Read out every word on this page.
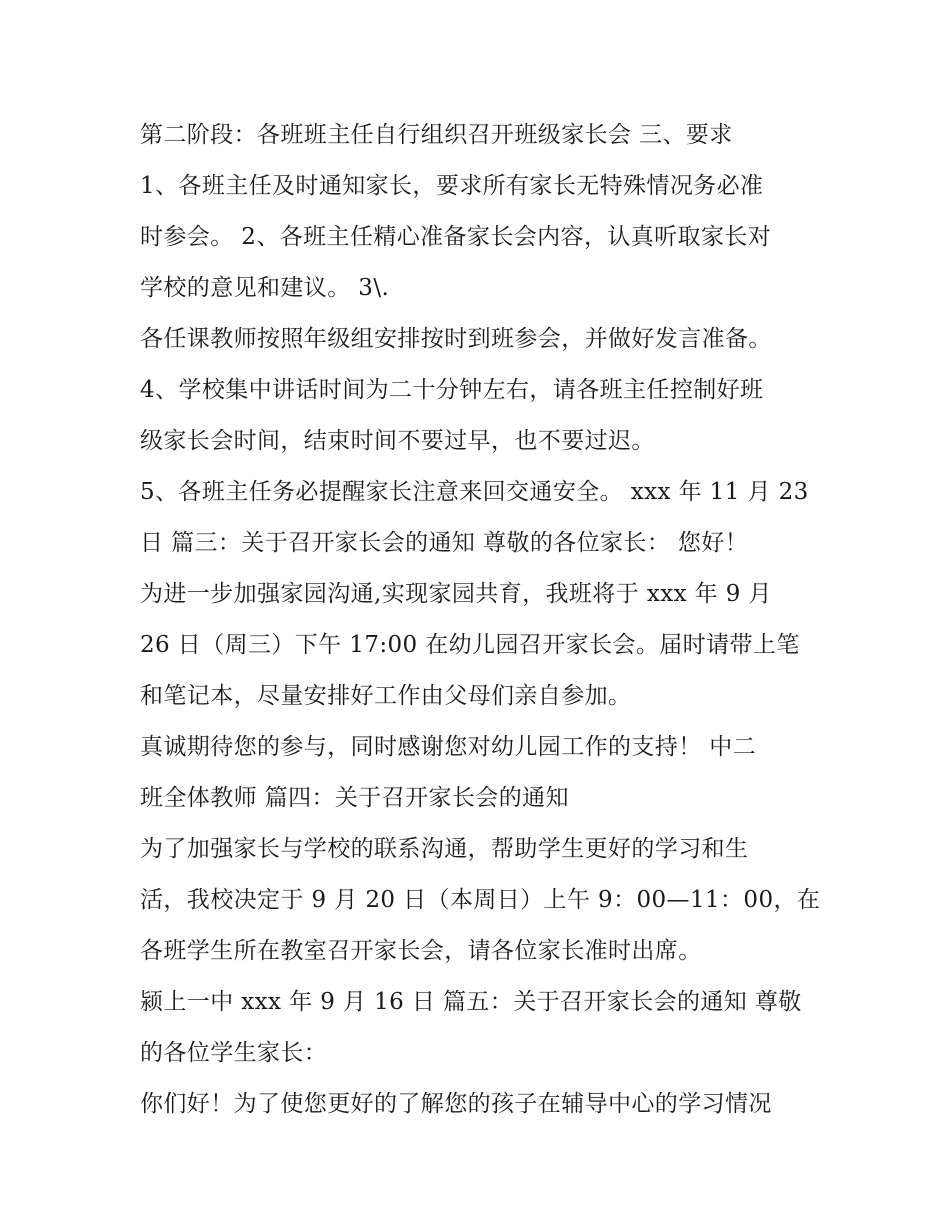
第二阶段：各班班主任自行组织召开班级家长会 三、要求
1、各班主任及时通知家长，要求所有家长无特殊情况务必准
时参会。 2、各班主任精心准备家长会内容，认真听取家长对
学校的意见和建议。 3\.
各任课教师按照年级组安排按时到班参会，并做好发言准备。
4、学校集中讲话时间为二十分钟左右，请各班主任控制好班
级家长会时间，结束时间不要过早，也不要过迟。
5、各班主任务必提醒家长注意来回交通安全。 xxx 年 11 月 23
日 篇三：关于召开家长会的通知 尊敬的各位家长： 您好！
为进一步加强家园沟通,实现家园共育，我班将于 xxx 年 9 月
26 日（周三）下午 17:00 在幼儿园召开家长会。届时请带上笔
和笔记本，尽量安排好工作由父母们亲自参加。
真诚期待您的参与，同时感谢您对幼儿园工作的支持！ 中二
班全体教师 篇四：关于召开家长会的通知
为了加强家长与学校的联系沟通，帮助学生更好的学习和生
活，我校决定于 9 月 20 日（本周日）上午 9：00—11：00，在
各班学生所在教室召开家长会，请各位家长准时出席。
颍上一中 xxx 年 9 月 16 日 篇五：关于召开家长会的通知 尊敬
的各位学生家长：
你们好！为了使您更好的了解您的孩子在辅导中心的学习情况
